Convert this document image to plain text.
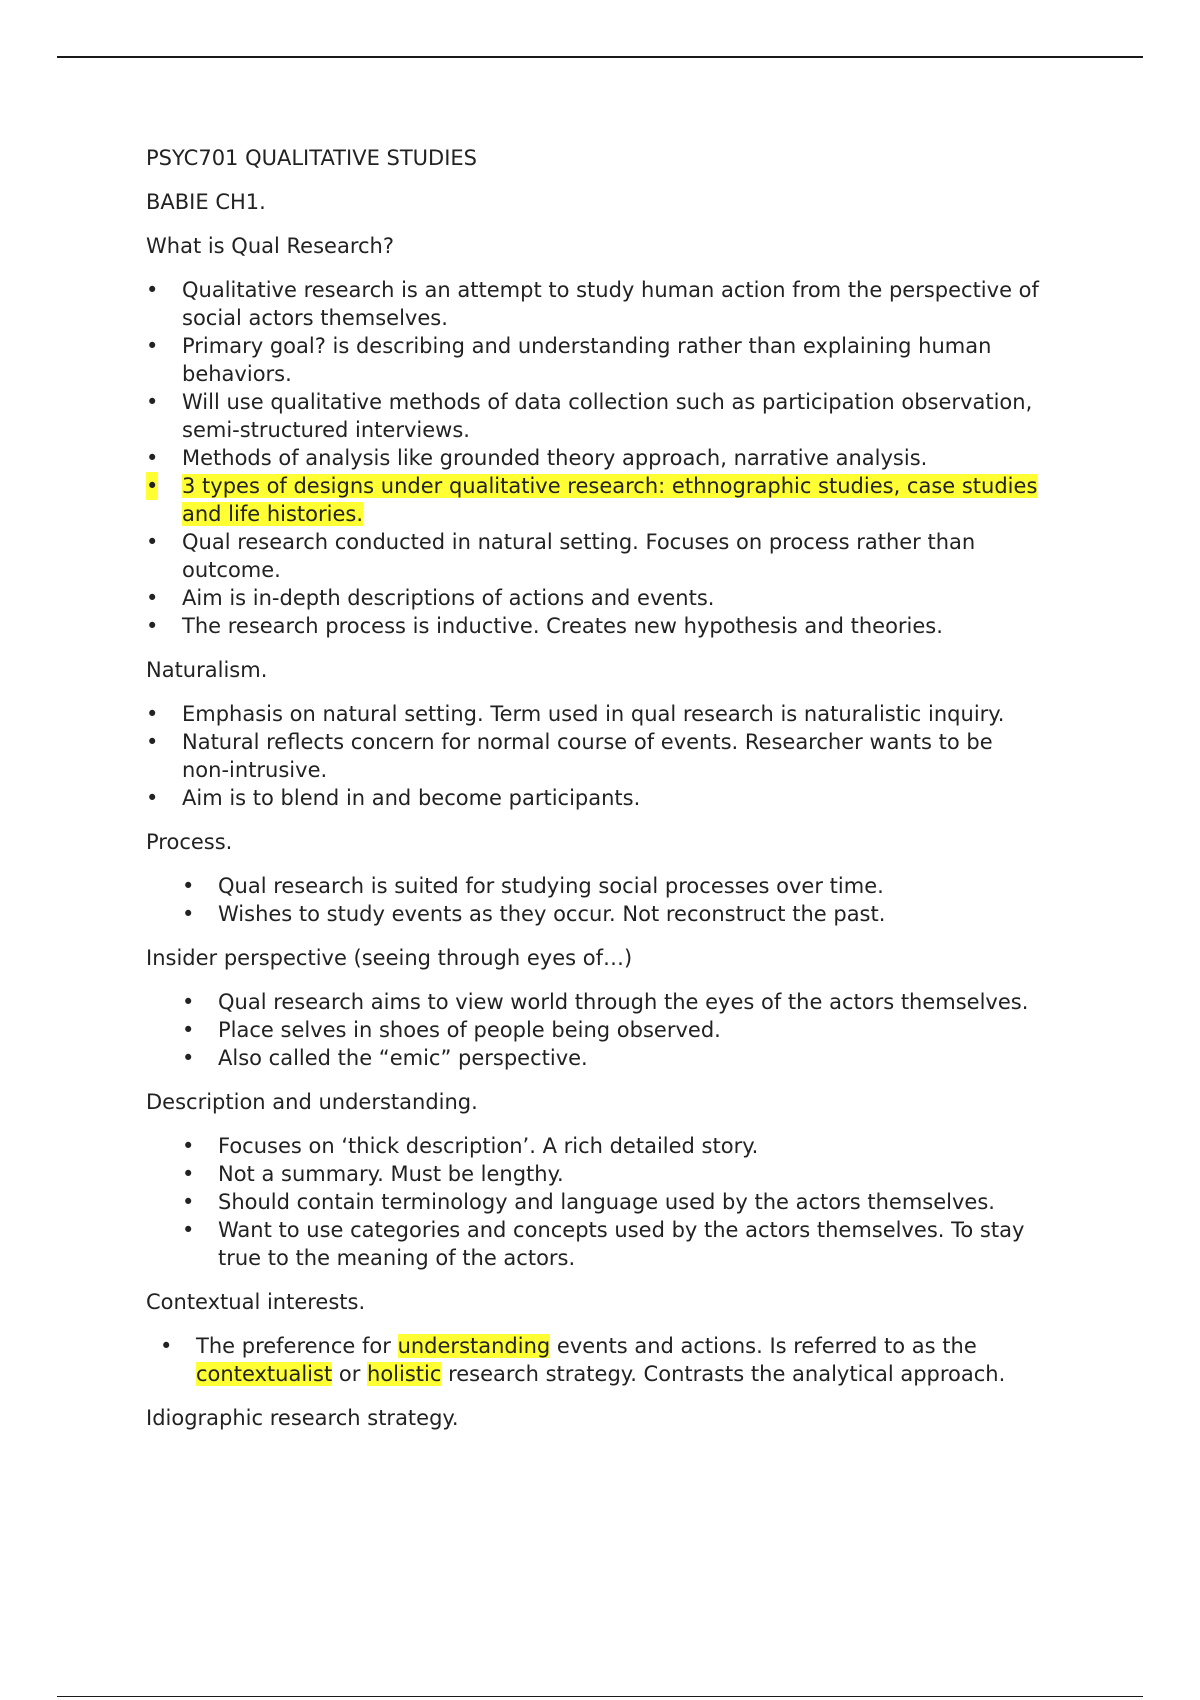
PSYC701 QUALITATIVE STUDIES

BABIE CH1.

What is Qual Research?

• Qualitative research is an attempt to study human action from the perspective of social actors themselves.
• Primary goal? is describing and understanding rather than explaining human behaviors.
• Will use qualitative methods of data collection such as participation observation, semi-structured interviews.
• Methods of analysis like grounded theory approach, narrative analysis.
• 3 types of designs under qualitative research: ethnographic studies, case studies and life histories.
• Qual research conducted in natural setting. Focuses on process rather than outcome.
• Aim is in-depth descriptions of actions and events.
• The research process is inductive. Creates new hypothesis and theories.

Naturalism.

• Emphasis on natural setting. Term used in qual research is naturalistic inquiry.
• Natural reflects concern for normal course of events. Researcher wants to be non-intrusive.
• Aim is to blend in and become participants.

Process.

• Qual research is suited for studying social processes over time.
• Wishes to study events as they occur. Not reconstruct the past.

Insider perspective (seeing through eyes of…)

• Qual research aims to view world through the eyes of the actors themselves.
• Place selves in shoes of people being observed.
• Also called the “emic” perspective.

Description and understanding.

• Focuses on ‘thick description’. A rich detailed story.
• Not a summary. Must be lengthy.
• Should contain terminology and language used by the actors themselves.
• Want to use categories and concepts used by the actors themselves. To stay true to the meaning of the actors.

Contextual interests.

• The preference for understanding events and actions. Is referred to as the contextualist or holistic research strategy. Contrasts the analytical approach.

Idiographic research strategy.
